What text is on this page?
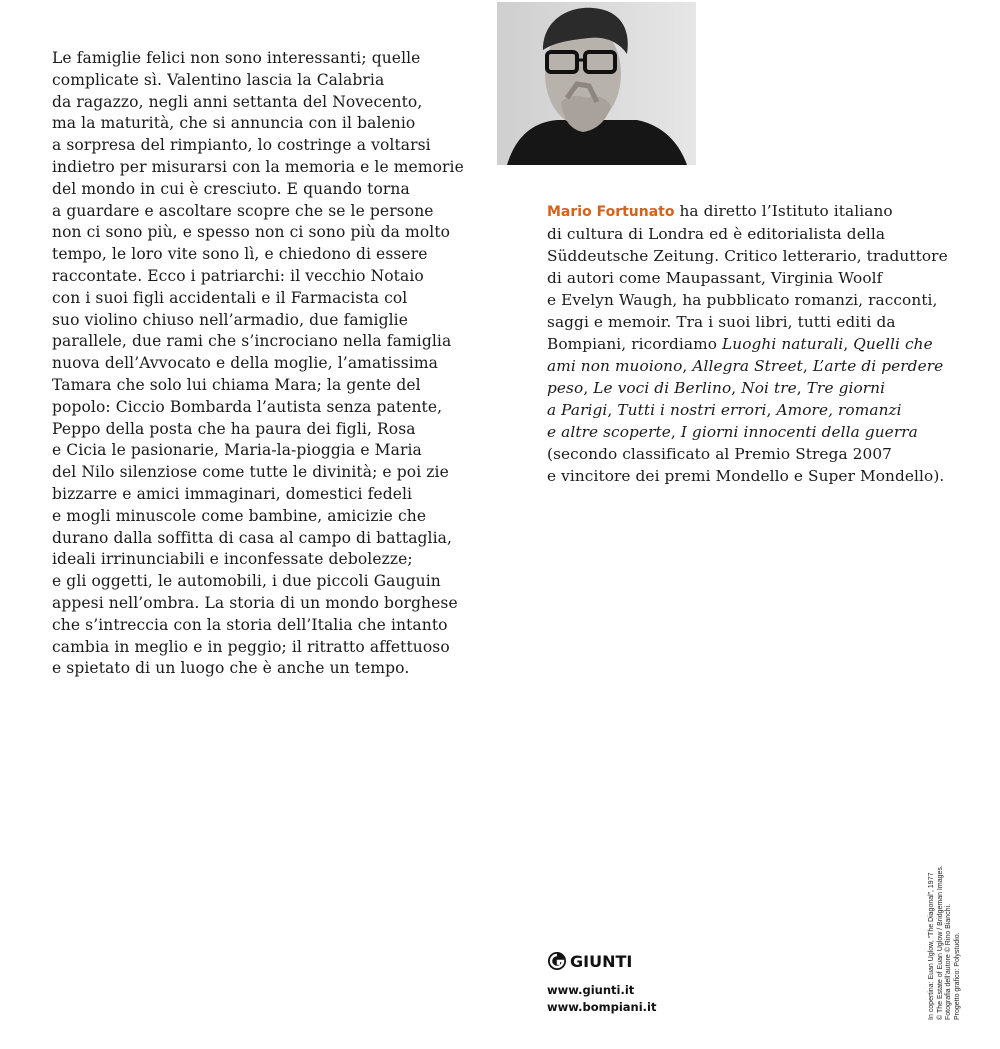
Le famiglie felici non sono interessanti; quelle

complicate sì. Valentino lascia la Calabria

da ragazzo, negli anni settanta del Novecento,

ma la maturità, che si annuncia con il balenio

a sorpresa del rimpianto, lo costringe a voltarsi

indietro per misurarsi con la memoria e le memorie

del mondo in cui è cresciuto. E quando torna

a guardare e ascoltare scopre che se le persone

non ci sono più, e spesso non ci sono più da molto

tempo, le loro vite sono lì, e chiedono di essere

raccontate. Ecco i patriarchi: il vecchio Notaio

con i suoi figli accidentali e il Farmacista col

suo violino chiuso nell’armadio, due famiglie

parallele, due rami che s’incrociano nella famiglia

nuova dell’Avvocato e della moglie, l’amatissima

Tamara che solo lui chiama Mara; la gente del

popolo: Ciccio Bombarda l’autista senza patente,

Peppo della posta che ha paura dei figli, Rosa

e Cicia le pasionarie, Maria-la-pioggia e Maria

del Nilo silenziose come tutte le divinità; e poi zie

bizzarre e amici immaginari, domestici fedeli

e mogli minuscole come bambine, amicizie che

durano dalla soffitta di casa al campo di battaglia,

ideali irrinunciabili e inconfessate debolezze;

e gli oggetti, le automobili, i due piccoli Gauguin

appesi nell’ombra. La storia di un mondo borghese

che s’intreccia con la storia dell’Italia che intanto

cambia in meglio e in peggio; il ritratto affettuoso

e spietato di un luogo che è anche un tempo.

Mario Fortunato ha diretto l’Istituto italiano
di cultura di Londra ed è editorialista della
Süddeutsche Zeitung. Critico letterario, traduttore
di autori come Maupassant, Virginia Woolf
e Evelyn Waugh, ha pubblicato romanzi, racconti,
saggi e memoir. Tra i suoi libri, tutti editi da
Bompiani, ricordiamo Luoghi naturali, Quelli che
ami non muoiono, Allegra Street, L’arte di perdere
peso, Le voci di Berlino, Noi tre, Tre giorni
a Parigi, Tutti i nostri errori, Amore, romanzi
e altre scoperte, I giorni innocenti della guerra
(secondo classificato al Premio Strega 2007
e vincitore dei premi Mondello e Super Mondello).
GIUNTI
www.giunti.it
www.bompiani.it	In copertina: Euan Uglow, “The Diagonal”, 1977 © The Estate of Euan Uglow / Bridgeman Images. Fotografia dell’autore © Rino Bianchi. Progetto grafico: Polystudio.
